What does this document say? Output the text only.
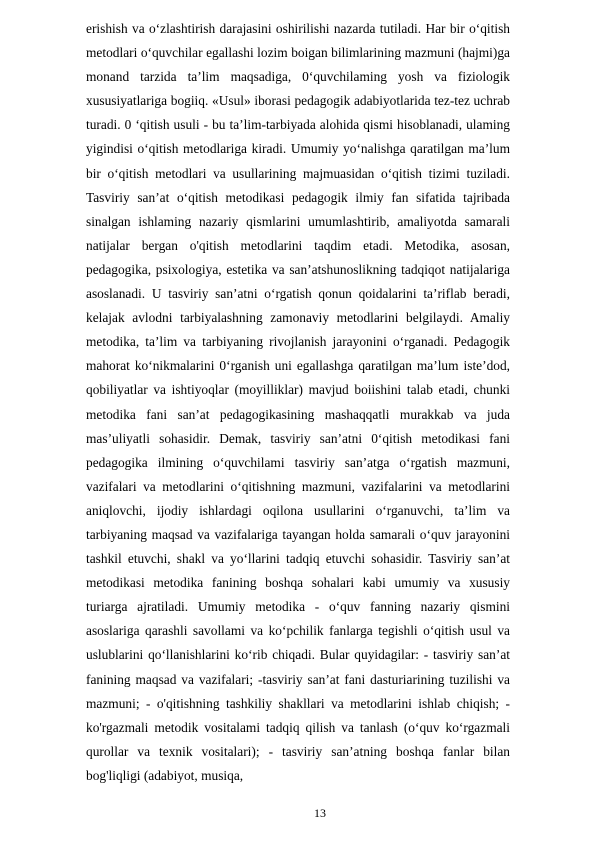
erishish va o‘zlashtirish darajasini oshirilishi nazarda tutiladi. Har bir o‘qitish metodlari o‘quvchilar egallashi lozim boigan bilimlarining mazmuni (hajmi)ga monand tarzida ta’lim maqsadiga, 0‘quvchilaming yosh va fiziologik xususiyatlariga bogiiq. «Usul» iborasi pedagogik adabiyotlarida tez-tez uchrab turadi. 0 ‘qitish usuli - bu ta’lim-tarbiyada alohida qismi hisoblanadi, ulaming yigindisi o‘qitish metodlariga kiradi. Umumiy yo‘nalishga qaratilgan ma’lum bir o‘qitish metodlari va usullarining majmuasidan o‘qitish tizimi tuziladi. Tasviriy san’at o‘qitish metodikasi pedagogik ilmiy fan sifatida tajribada sinalgan ishlaming nazariy qismlarini umumlashtirib, amaliyotda samarali natijalar bergan o'qitish metodlarini taqdim etadi. Metodika, asosan, pedagogika, psixologiya, estetika va san’atshunoslikning tadqiqot natijalariga asoslanadi. U tasviriy san’atni o‘rgatish qonun qoidalarini ta’riflab beradi, kelajak avlodni tarbiyalashning zamonaviy metodlarini belgilaydi. Amaliy metodika, ta’lim va tarbiyaning rivojlanish jarayonini o‘rganadi. Pedagogik mahorat ko‘nikmalarini 0‘rganish uni egallashga qaratilgan ma’lum iste’dod, qobiliyatlar va ishtiyoqlar (moyilliklar) mavjud boiishini talab etadi, chunki metodika fani san’at pedagogikasining mashaqqatli murakkab va juda mas’uliyatli sohasidir. Demak, tasviriy san’atni 0‘qitish metodikasi fani pedagogika ilmining o‘quvchilami tasviriy san’atga o‘rgatish mazmuni, vazifalari va metodlarini o‘qitishning mazmuni, vazifalarini va metodlarini aniqlovchi, ijodiy ishlardagi oqilona usullarini o‘rganuvchi, ta’lim va tarbiyaning maqsad va vazifalariga tayangan holda samarali o‘quv jarayonini tashkil etuvchi, shakl va yo‘llarini tadqiq etuvchi sohasidir. Tasviriy san’at metodikasi metodika fanining boshqa sohalari kabi umumiy va xususiy turiarga ajratiladi. Umumiy metodika - o‘quv fanning nazariy qismini asoslariga qarashli savollami va ko‘pchilik fanlarga tegishli o‘qitish usul va uslublarini qo‘llanishlarini ko‘rib chiqadi. Bular quyidagilar: - tasviriy san’at fanining maqsad va vazifalari; -tasviriy san’at fani dasturiarining tuzilishi va mazmuni; - o'qitishning tashkiliy shakllari va metodlarini ishlab chiqish; - ko'rgazmali metodik vositalami tadqiq qilish va tanlash (o‘quv ko‘rgazmali qurollar va texnik vositalari); - tasviriy san’atning boshqa fanlar bilan bog'liqligi (adabiyot, musiqa,

13
